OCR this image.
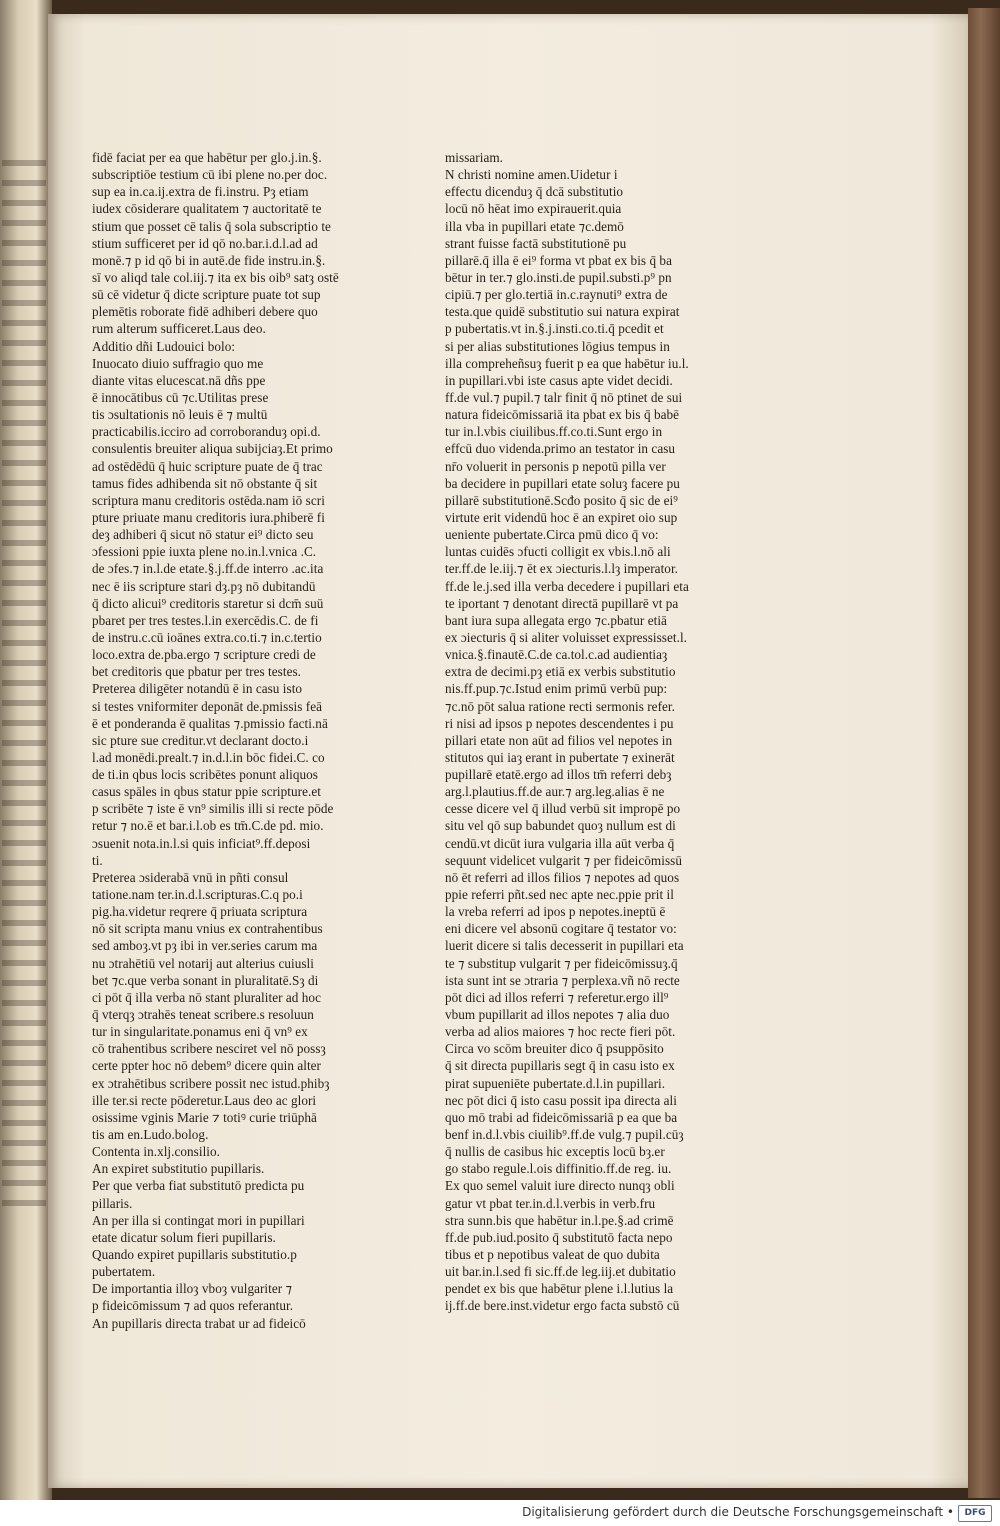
fidē faciat per ea que habētur per glo.j.in.§.
subscriptiōe testium cū ibi plene no.per doc.
sup ea in.ca.ij.extra de fi.instru. Pȝ etiam
iudex cōsiderare qualitatem ⁊ auctoritatē te
stium que posset cē talis q̄ sola subscriptio te
stium sufficeret per id qō no.bar.i.d.l.ad ad
monē.⁊ p id qō bi in autē.de fide instru.in.§.
sī vo aliqd tale col.iij.⁊ ita ex bis oib⁹ satȝ ostē
sū cē videtur q̄ dicte scripture puate tot sup
plemētis roborate fidē adhiberi debere quo
rum alterum sufficeret.Laus deo.
Additio dñi Ludouici bolo:
Inuocato diuio suffragio quo me
diante vitas elucescat.nā dñs ppe
ē innocātibus cū ⁊c.Utilitas prese
tis ɔsultationis nō leuis ē ⁊ multū
practicabilis.icciro ad corroboranduȝ opi.d.
consulentis breuiter aliqua subijciaȝ.Et primo
ad ostēdēdū q̄ huic scripture puate de q̄ trac
tamus fides adhibenda sit nō obstante q̄ sit
scriptura manu creditoris ostēda.nam iō scri
pture priuate manu creditoris iura.phiberē fi
deȝ adhiberi q̄ sicut nō statur ei⁹ dicto seu
ɔfessioni ppie iuxta plene no.in.l.vnica .C.
de ɔfes.⁊ in.l.de etate.§.j.ff.de interro .ac.ita
nec ē iis scripture stari dȝ.pȝ nō dubitandū
q̄ dicto alicui⁹ creditoris staretur si dcm̄ suū
pbaret per tres testes.l.in exercēdis.C. de fi
de instru.c.cū ioānes extra.co.ti.⁊ in.c.tertio
loco.extra de.pba.ergo ⁊ scripture credi de
bet creditoris que pbatur per tres testes.
Preterea diligēter notandū ē in casu isto
si testes vniformiter deponāt de.pmissis feā
ē et ponderanda ē qualitas ⁊.pmissio facti.nā
sic pture sue creditur.vt declarant docto.i
l.ad monēdi.prealt.⁊ in.d.l.in bōc fidei.C. co
de ti.in qbus locis scribētes ponunt aliquos
casus spāles in qbus statur ppie scripture.et
p scribēte ⁊ iste ē vn⁹ similis illi si recte pōde
retur ⁊ no.ē et bar.i.l.ob es tm̄.C.de pd. mio.
ɔsuenit nota.in.l.si quis inficiat⁹.ff.deposi
ti.
Preterea ɔsiderabā vnū in pñti consul
tatione.nam ter.in.d.l.scripturas.C.q po.i
pig.ha.videtur reqrere q̄ priuata scriptura
nō sit scripta manu vnius ex contrahentibus
sed amboȝ.vt pȝ ibi in ver.series carum ma
nu ɔtrahētiū vel notarij aut alterius cuiusli
bet ⁊c.que verba sonant in pluralitatē.Sȝ di
ci pōt q̄ illa verba nō stant pluraliter ad hoc
q̄ vterqȝ ɔtrahēs teneat scribere.s resoluun
tur in singularitate.ponamus eni q̄ vn⁹ ex
cō trahentibus scribere nesciret vel nō possȝ
certe ppter hoc nō debem⁹ dicere quin alter
ex ɔtrahētibus scribere possit nec istud.phibȝ
ille ter.si recte pōderetur.Laus deo ac glori
osissime vginis Marie ⁊ totiꝰ curie triūphā
tis am en.Ludo.bolog.
Contenta in.xlj.consilio.
An expiret substitutio pupillaris.
Per que verba fiat substitutō predicta pu
pillaris.
An per illa si contingat mori in pupillari
etate dicatur solum fieri pupillaris.
Quando expiret pupillaris substitutio.p
pubertatem.
De importantia illoȝ vboȝ vulgariter ⁊
p fideicōmissum ⁊ ad quos referantur.
An pupillaris directa trabat ur ad fideicō
missariam.
N christi nomine amen.Uidetur i
effectu dicenduȝ q̄ dcā substitutio
locū nō hēat imo expirauerit.quia
illa vba in pupillari etate ⁊c.demō
strant fuisse factā substitutionē pu
pillarē.q̄ illa ē ei⁹ forma vt pbat ex bis q̄ ba
bētur in ter.⁊ glo.insti.de pupil.substi.p⁹ pn
cipiū.⁊ per glo.tertiā in.c.raynuti⁹ extra de
testa.que quidē substitutio sui natura expirat
p pubertatis.vt in.§.j.insti.co.ti.q̄ pcedit et
si per alias substitutiones lōgius tempus in
illa compreheñsuȝ fuerit p ea que habētur iu.l.
in pupillari.vbi iste casus apte videt decidi.
ff.de vul.⁊ pupil.⁊ talr finit q̄ nō ptinet de sui
natura fideicōmissariā ita pbat ex bis q̄ babē
tur in.l.vbis ciuilibus.ff.co.ti.Sunt ergo in
effcū duo videnda.primo an testator in casu
nr̄o voluerit in personis p nepotū pilla ver
ba decidere in pupillari etate soluȝ facere pu
pillarē substitutionē.Scđo posito q̄ sic de ei⁹
virtute erit videndū hoc ē an expiret oio sup
ueniente pubertate.Circa pmū dico q̄ vo:
luntas cuidēs ɔfucti colligit ex vbis.l.nō ali
ter.ff.de le.iij.⁊ ēt ex ɔiecturis.l.lȝ imperator.
ff.de le.j.sed illa verba decedere i pupillari eta
te iportant ⁊ denotant directā pupillarē vt pa
bant iura supa allegata ergo ⁊c.pbatur etiā
ex ɔiecturis q̄ si aliter voluisset expressisset.l.
vnica.§.finautē.C.de ca.tol.c.ad audientiaȝ
extra de decimi.pȝ etiā ex verbis substitutio
nis.ff.pup.⁊c.Istud enim primū verbū pup:
⁊c.nō pōt salua ratione recti sermonis refer.
ri nisi ad ipsos p nepotes descendentes i pu
pillari etate non aūt ad filios vel nepotes in
stitutos qui iaȝ erant in pubertate ⁊ exinerāt
pupillarē etatē.ergo ad illos tm̄ referri debȝ
arg.l.plautius.ff.de aur.⁊ arg.leg.alias ē ne
cesse dicere vel q̄ illud verbū sit impropē po
situ vel qō sup babundet quoȝ nullum est di
cendū.vt dicūt iura vulgaria illa aūt verba q̄
sequunt videlicet vulgarit ⁊ per fideicōmissū
nō ēt referri ad illos filios ⁊ nepotes ad quos
ppie referri pñt.sed nec apte nec.ppie prit il
la vreba referri ad ipos p nepotes.ineptū ē
eni dicere vel absonū cogitare q̄ testator vo:
luerit dicere si talis decesserit in pupillari eta
te ⁊ substitup vulgarit ⁊ per fideicōmissuȝ.q̄
ista sunt int se ɔtraria ⁊ perplexa.vñ nō recte
pōt dici ad illos referri ⁊ referetur.ergo ill⁹
vbum pupillarit ad illos nepotes ⁊ alia duo
verba ad alios maiores ⁊ hoc recte fieri pōt.
Circa vo scōm breuiter dico q̄ psuppōsito
q̄ sit directa pupillaris segt q̄ in casu isto ex
pirat supueniēte pubertate.d.l.in pupillari.
nec pōt dici q̄ isto casu possit ipa directa ali
quo mō trabi ad fideicōmissariā p ea que ba
benf in.d.l.vbis ciuilib⁹.ff.de vulg.⁊ pupil.cūȝ
q̄ nullis de casibus hic exceptis locū bȝ.er
go stabo regule.l.ois diffinitio.ff.de reg. iu.
Ex quo semel valuit iure directo nunqȝ obli
gatur vt pbat ter.in.d.l.verbis in verb.fru
stra sunn.bis que habētur in.l.pe.§.ad crimē
ff.de pub.iud.posito q̄ substitutō facta nepo
tibus et p nepotibus valeat de quo dubita
uit bar.in.l.sed fi sic.ff.de leg.iij.et dubitatio
pendet ex bis que habētur plene i.l.lutius la
ij.ff.de bere.inst.videtur ergo facta substō cū
Digitalisierung gefördert durch die Deutsche Forschungsgemeinschaft •	DFG
